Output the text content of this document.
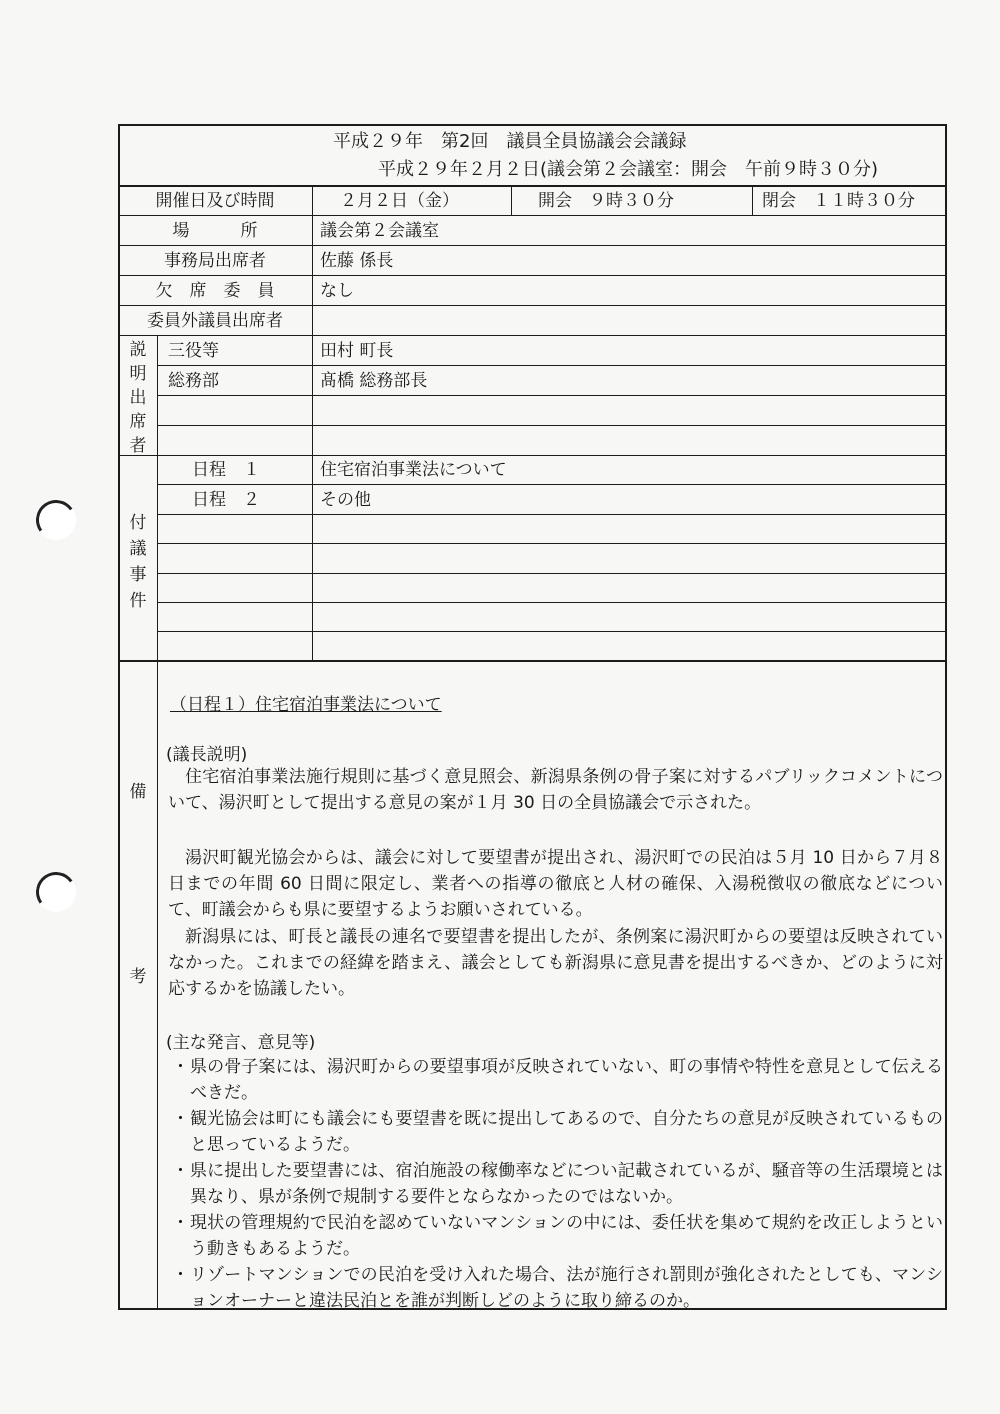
平成２９年　第2回　議員全員協議会会議録
平成２９年２月２日(議会第２会議室：開会　午前９時３０分)
開催日及び時間	２月２日（金）	開会　９時３０分	閉会　１１時３０分
場　　　所	議会第２会議室
事務局出席者	佐藤 係長
欠　席　委　員	なし
委員外議員出席者
説
明
出
席
者
三役等	田村 町長
総務部	髙橋 総務部長
付
議
事
件
日程　１	住宅宿泊事業法について
日程　２	その他
備
考
（日程１）住宅宿泊事業法について
(議長説明)
住宅宿泊事業法施行規則に基づく意見照会、新潟県条例の骨子案に対するパブリックコメントについて、湯沢町として提出する意見の案が１月 30 日の全員協議会で示された。
湯沢町観光協会からは、議会に対して要望書が提出され、湯沢町での民泊は５月 10 日から７月８日までの年間 60 日間に限定し、業者への指導の徹底と人材の確保、入湯税徴収の徹底などについて、町議会からも県に要望するようお願いされている。
新潟県には、町長と議長の連名で要望書を提出したが、条例案に湯沢町からの要望は反映されていなかった。これまでの経緯を踏まえ、議会としても新潟県に意見書を提出するべきか、どのように対応するかを協議したい。
(主な発言、意見等)
・ 県の骨子案には、湯沢町からの要望事項が反映されていない、町の事情や特性を意見として伝えるべきだ。
・ 観光協会は町にも議会にも要望書を既に提出してあるので、自分たちの意見が反映されているものと思っているようだ。
・ 県に提出した要望書には、宿泊施設の稼働率などについ記載されているが、騒音等の生活環境とは異なり、県が条例で規制する要件とならなかったのではないか。
・ 現状の管理規約で民泊を認めていないマンションの中には、委任状を集めて規約を改正しようという動きもあるようだ。
・ リゾートマンションでの民泊を受け入れた場合、法が施行され罰則が強化されたとしても、マンションオーナーと違法民泊とを誰が判断しどのように取り締るのか。
